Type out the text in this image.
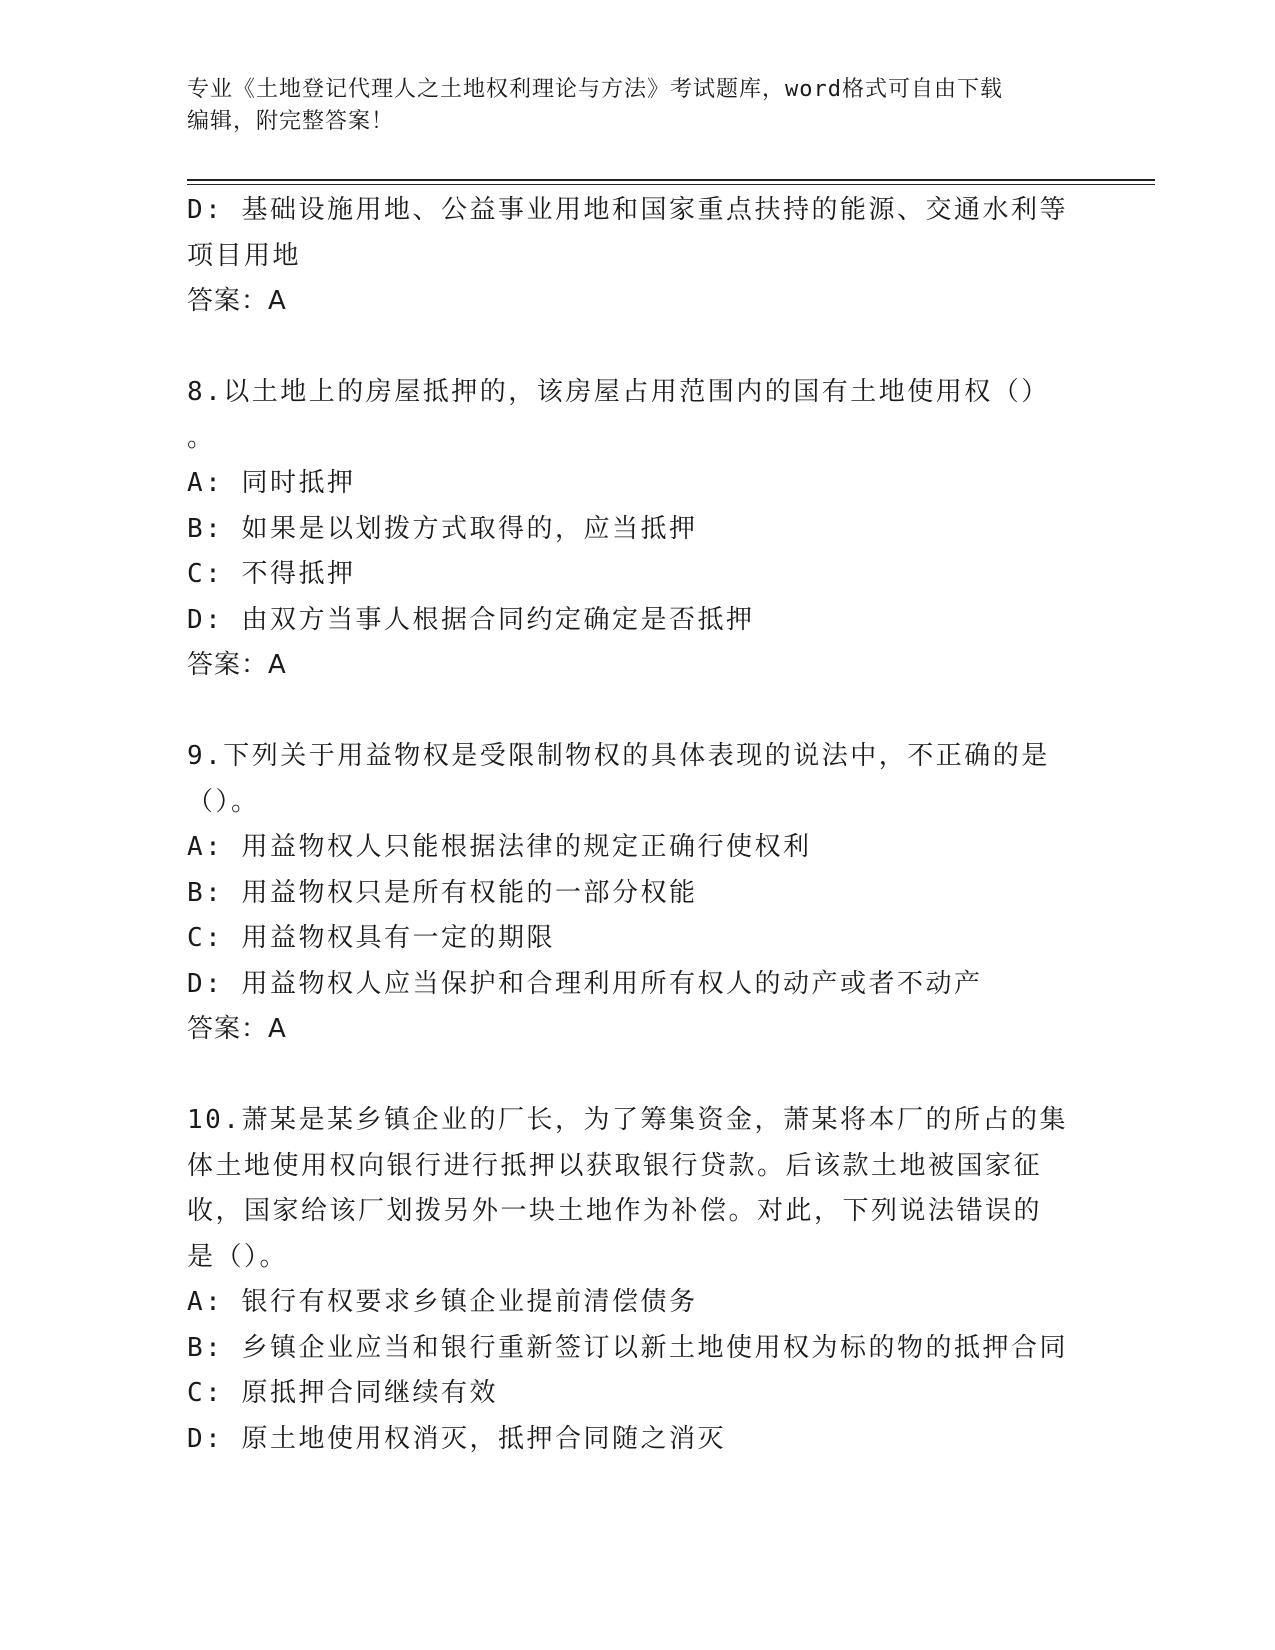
专业《土地登记代理人之土地权利理论与方法》考试题库，word格式可自由下载
编辑，附完整答案！
D: 基础设施用地、公益事业用地和国家重点扶持的能源、交通水利等
项目用地
答案：A
8.以土地上的房屋抵押的，该房屋占用范围内的国有土地使用权（）
。
A: 同时抵押
B: 如果是以划拨方式取得的，应当抵押
C: 不得抵押
D: 由双方当事人根据合同约定确定是否抵押
答案：A
9.下列关于用益物权是受限制物权的具体表现的说法中，不正确的是
（）。
A: 用益物权人只能根据法律的规定正确行使权利
B: 用益物权只是所有权能的一部分权能
C: 用益物权具有一定的期限
D: 用益物权人应当保护和合理利用所有权人的动产或者不动产
答案：A
10.萧某是某乡镇企业的厂长，为了筹集资金，萧某将本厂的所占的集
体土地使用权向银行进行抵押以获取银行贷款。后该款土地被国家征
收，国家给该厂划拨另外一块土地作为补偿。对此，下列说法错误的
是（）。
A: 银行有权要求乡镇企业提前清偿债务
B: 乡镇企业应当和银行重新签订以新土地使用权为标的物的抵押合同
C: 原抵押合同继续有效
D: 原土地使用权消灭，抵押合同随之消灭
